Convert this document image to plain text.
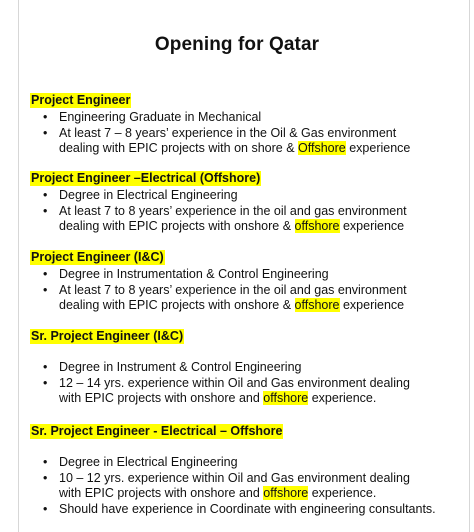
Opening for Qatar
Project Engineer
• Engineering Graduate in Mechanical
• At least 7 – 8 years’ experience in the Oil & Gas environment dealing with EPIC projects with on shore & Offshore experience
Project Engineer –Electrical (Offshore)
• Degree in Electrical Engineering
• At least 7 to 8 years’ experience in the oil and gas environment dealing with EPIC projects with onshore & offshore experience
Project Engineer (I&C)
• Degree in Instrumentation & Control Engineering
• At least 7 to 8 years’ experience in the oil and gas environment dealing with EPIC projects with onshore & offshore experience
Sr. Project Engineer (I&C)
• Degree in Instrument & Control Engineering
• 12 – 14 yrs. experience within Oil and Gas environment dealing with EPIC projects with onshore and offshore experience.
Sr. Project Engineer - Electrical – Offshore
• Degree in Electrical Engineering
• 10 – 12 yrs. experience within Oil and Gas environment dealing with EPIC projects with onshore and offshore experience.
• Should have experience in Coordinate with engineering consultants.
